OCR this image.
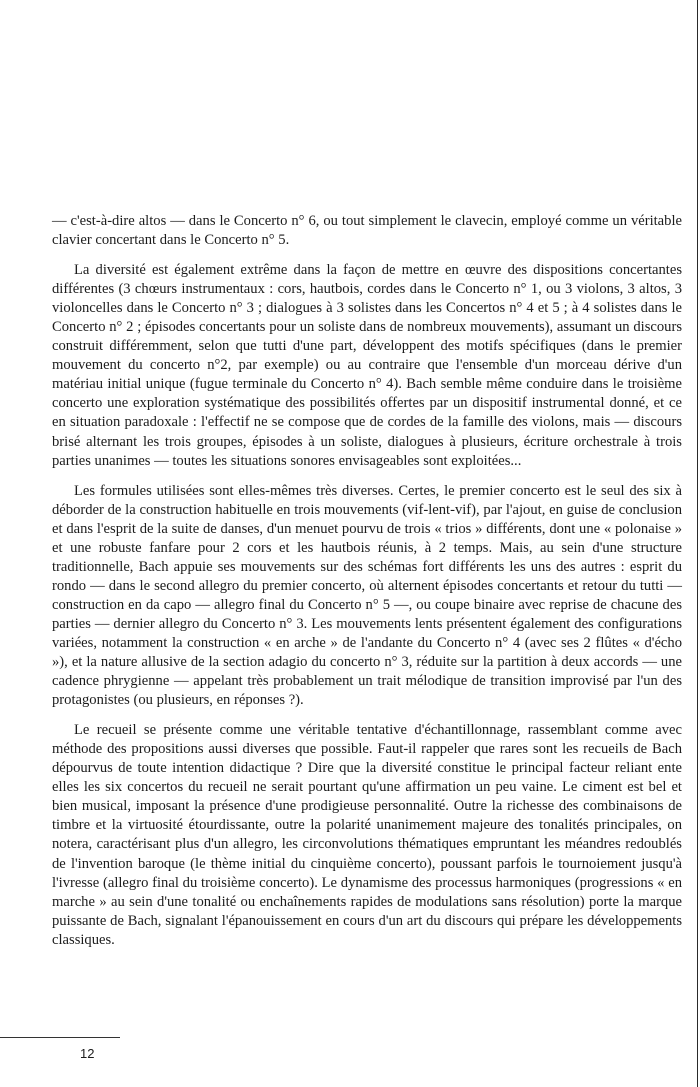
— c'est-à-dire altos — dans le Concerto n° 6, ou tout simplement le clavecin, employé comme un véritable clavier concertant dans le Concerto n° 5.

La diversité est également extrême dans la façon de mettre en œuvre des dispositions concertantes différentes (3 chœurs instrumentaux : cors, hautbois, cordes dans le Concerto n° 1, ou 3 violons, 3 altos, 3 violoncelles dans le Concerto n° 3 ; dialogues à 3 solistes dans les Concertos n° 4 et 5 ; à 4 solistes dans le Concerto n° 2 ; épisodes concertants pour un soliste dans de nombreux mouvements), assumant un discours construit différemment, selon que tutti d'une part, développent des motifs spécifiques (dans le premier mouvement du concerto n°2, par exemple) ou au contraire que l'ensemble d'un morceau dérive d'un matériau initial unique (fugue terminale du Concerto n° 4). Bach semble même conduire dans le troisième concerto une exploration systématique des possibilités offertes par un dispositif instrumental donné, et ce en situation paradoxale : l'effectif ne se compose que de cordes de la famille des violons, mais — discours brisé alternant les trois groupes, épisodes à un soliste, dialogues à plusieurs, écriture orchestrale à trois parties unanimes — toutes les situations sonores envisageables sont exploitées...

Les formules utilisées sont elles-mêmes très diverses. Certes, le premier concerto est le seul des six à déborder de la construction habituelle en trois mouvements (vif-lent-vif), par l'ajout, en guise de conclusion et dans l'esprit de la suite de danses, d'un menuet pourvu de trois « trios » différents, dont une « polonaise » et une robuste fanfare pour 2 cors et les hautbois réunis, à 2 temps. Mais, au sein d'une structure traditionnelle, Bach appuie ses mouvements sur des schémas fort différents les uns des autres : esprit du rondo — dans le second allegro du premier concerto, où alternent épisodes concertants et retour du tutti — construction en da capo — allegro final du Concerto n° 5 —, ou coupe binaire avec reprise de chacune des parties — dernier allegro du Concerto n° 3. Les mouvements lents présentent également des configurations variées, notamment la construction « en arche » de l'andante du Concerto n° 4 (avec ses 2 flûtes « d'écho »), et la nature allusive de la section adagio du concerto n° 3, réduite sur la partition à deux accords — une cadence phrygienne — appelant très probablement un trait mélodique de transition improvisé par l'un des protagonistes (ou plusieurs, en réponses ?).

Le recueil se présente comme une véritable tentative d'échantillonnage, rassemblant comme avec méthode des propositions aussi diverses que possible. Faut-il rappeler que rares sont les recueils de Bach dépourvus de toute intention didactique ? Dire que la diversité constitue le principal facteur reliant ente elles les six concertos du recueil ne serait pourtant qu'une affirmation un peu vaine. Le ciment est bel et bien musical, imposant la présence d'une prodigieuse personnalité. Outre la richesse des combinaisons de timbre et la virtuosité étourdissante, outre la polarité unanimement majeure des tonalités principales, on notera, caractérisant plus d'un allegro, les circonvolutions thématiques empruntant les méandres redoublés de l'invention baroque (le thème initial du cinquième concerto), poussant parfois le tournoiement jusqu'à l'ivresse (allegro final du troisième concerto). Le dynamisme des processus harmoniques (progressions « en marche » au sein d'une tonalité ou enchaînements rapides de modulations sans résolution) porte la marque puissante de Bach, signalant l'épanouissement en cours d'un art du discours qui prépare les développements classiques.

12
